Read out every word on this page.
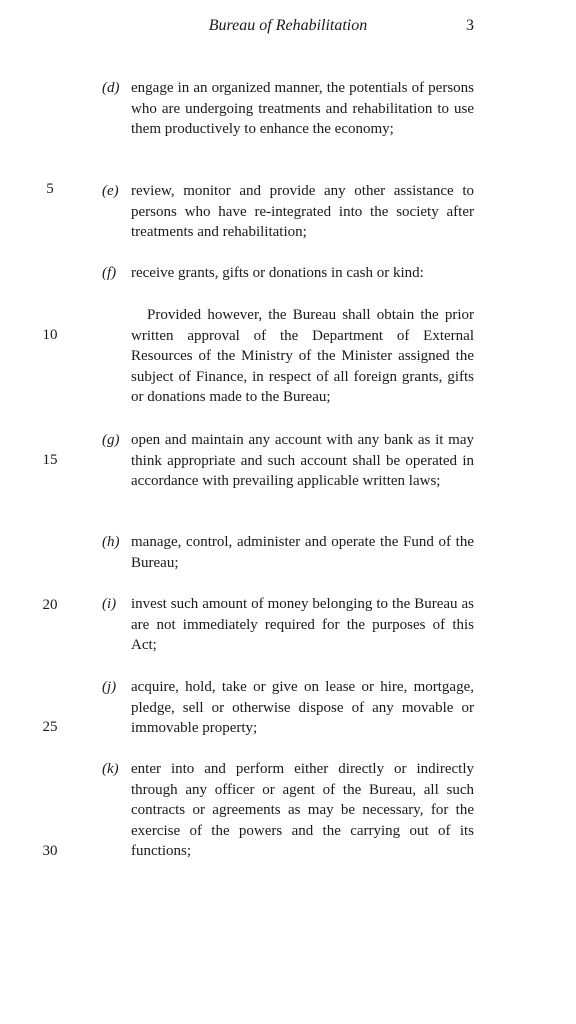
Bureau of Rehabilitation	3
5
10
15
20
25
30
(d) engage in an organized manner, the potentials of persons who are undergoing treatments and rehabilitation to use them productively to enhance the economy;
(e) review, monitor and provide any other assistance to persons who have re-integrated into the society after treatments and rehabilitation;
(f) receive grants, gifts or donations in cash or kind:
Provided however, the Bureau shall obtain the prior written approval of the Department of External Resources of the Ministry of the Minister assigned the subject of Finance, in respect of all foreign grants, gifts or donations made to the Bureau;
(g) open and maintain any account with any bank as it may think appropriate and such account shall be operated in accordance with prevailing applicable written laws;
(h) manage, control, administer and operate the Fund of the Bureau;
(i) invest such amount of money belonging to the Bureau as are not immediately required for the purposes of this Act;
(j) acquire, hold, take or give on lease or hire, mortgage, pledge, sell or otherwise dispose of any movable or immovable property;
(k) enter into and perform either directly or indirectly through any officer or agent of the Bureau, all such contracts or agreements as may be necessary, for the exercise of the powers and the carrying out of its functions;
